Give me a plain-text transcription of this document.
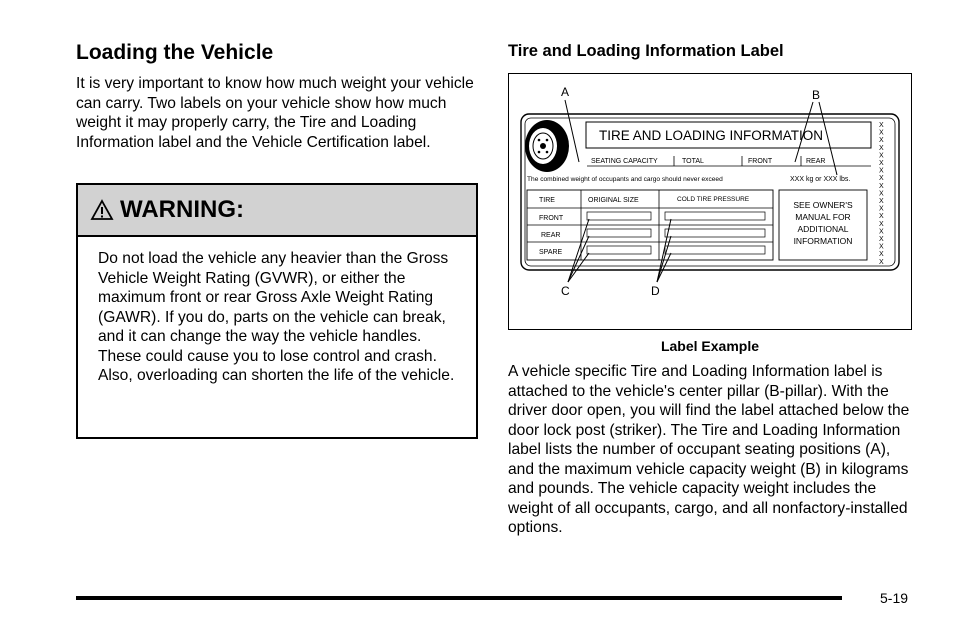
Loading the Vehicle

It is very important to know how much weight your vehicle can carry. Two labels on your vehicle show how much weight it may properly carry, the Tire and Loading Information label and the Vehicle Certification label.

WARNING:
Do not load the vehicle any heavier than the Gross Vehicle Weight Rating (GVWR), or either the maximum front or rear Gross Axle Weight Rating (GAWR). If you do, parts on the vehicle can break, and it can change the way the vehicle handles. These could cause you to lose control and crash. Also, overloading can shorten the life of the vehicle.
Tire and Loading Information Label
A	B
C	D
TIRE AND LOADING INFORMATION
SEATING CAPACITY	TOTAL	FRONT	REAR
The combined weight of occupants and cargo should never exceed	XXX kg or XXX lbs.
TIRE	ORIGINAL SIZE	COLD TIRE PRESSURE
FRONT
REAR
SPARE
SEE OWNER'S
MANUAL FOR
ADDITIONAL
INFORMATION
X
X
X
X
X
X
X
X
X
X
X
X
X
X
X
X
X
X
X
Label Example

A vehicle specific Tire and Loading Information label is attached to the vehicle's center pillar (B-pillar). With the driver door open, you will find the label attached below the door lock post (striker). The Tire and Loading Information label lists the number of occupant seating positions (A), and the maximum vehicle capacity weight (B) in kilograms and pounds. The vehicle capacity weight includes the weight of all occupants, cargo, and all nonfactory-installed options.

5-19
